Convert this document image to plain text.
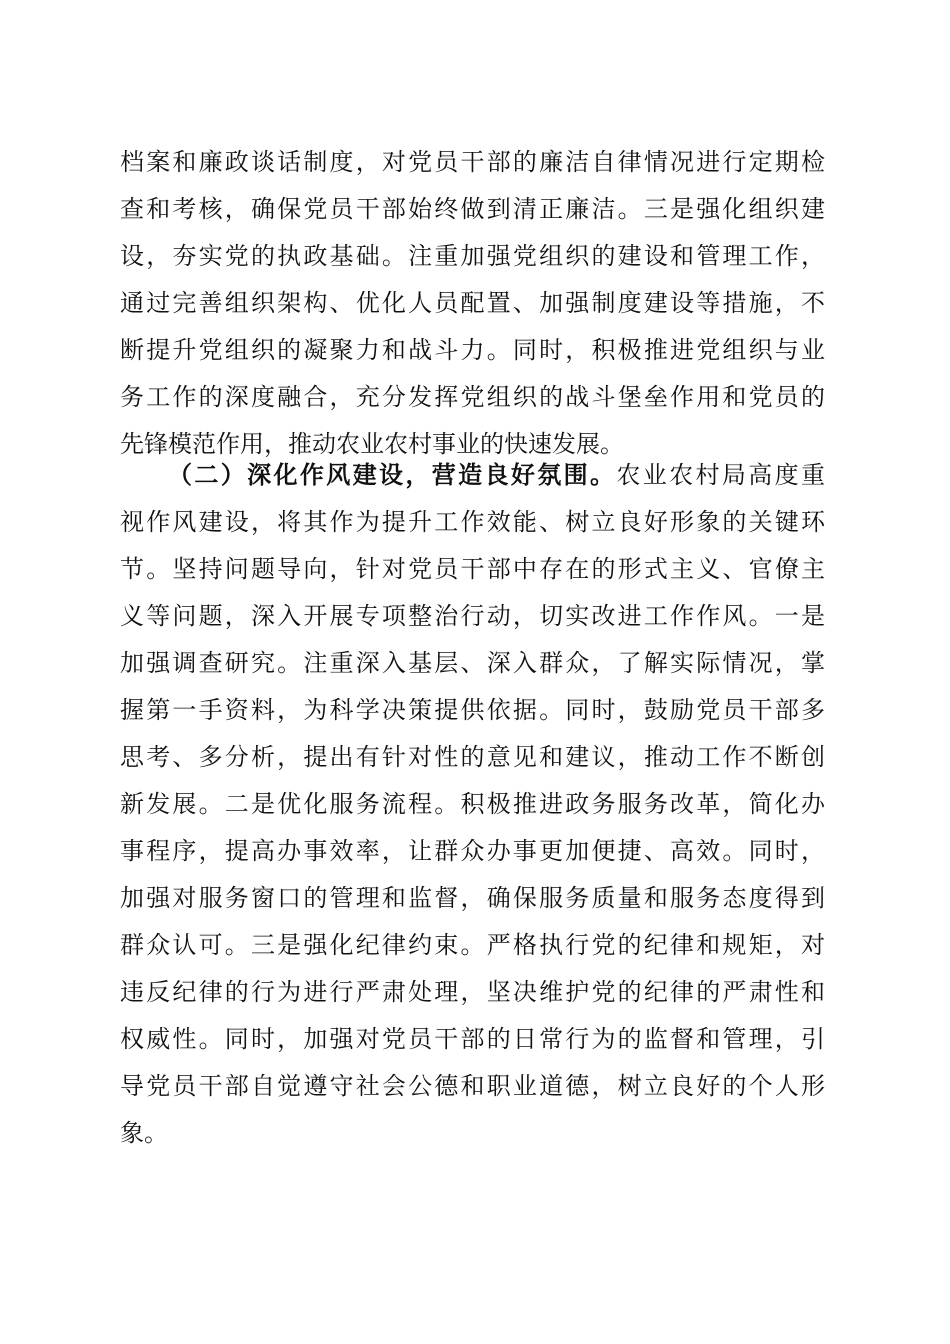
档案和廉政谈话制度，对党员干部的廉洁自律情况进行定期检
查和考核，确保党员干部始终做到清正廉洁。三是强化组织建
设，夯实党的执政基础。注重加强党组织的建设和管理工作，
通过完善组织架构、优化人员配置、加强制度建设等措施，不
断提升党组织的凝聚力和战斗力。同时，积极推进党组织与业
务工作的深度融合，充分发挥党组织的战斗堡垒作用和党员的
先锋模范作用，推动农业农村事业的快速发展。
（二）深化作风建设，营造良好氛围。农业农村局高度重
视作风建设，将其作为提升工作效能、树立良好形象的关键环
节。坚持问题导向，针对党员干部中存在的形式主义、官僚主
义等问题，深入开展专项整治行动，切实改进工作作风。一是
加强调查研究。注重深入基层、深入群众，了解实际情况，掌
握第一手资料，为科学决策提供依据。同时，鼓励党员干部多
思考、多分析，提出有针对性的意见和建议，推动工作不断创
新发展。二是优化服务流程。积极推进政务服务改革，简化办
事程序，提高办事效率，让群众办事更加便捷、高效。同时，
加强对服务窗口的管理和监督，确保服务质量和服务态度得到
群众认可。三是强化纪律约束。严格执行党的纪律和规矩，对
违反纪律的行为进行严肃处理，坚决维护党的纪律的严肃性和
权威性。同时，加强对党员干部的日常行为的监督和管理，引
导党员干部自觉遵守社会公德和职业道德，树立良好的个人形
象。
